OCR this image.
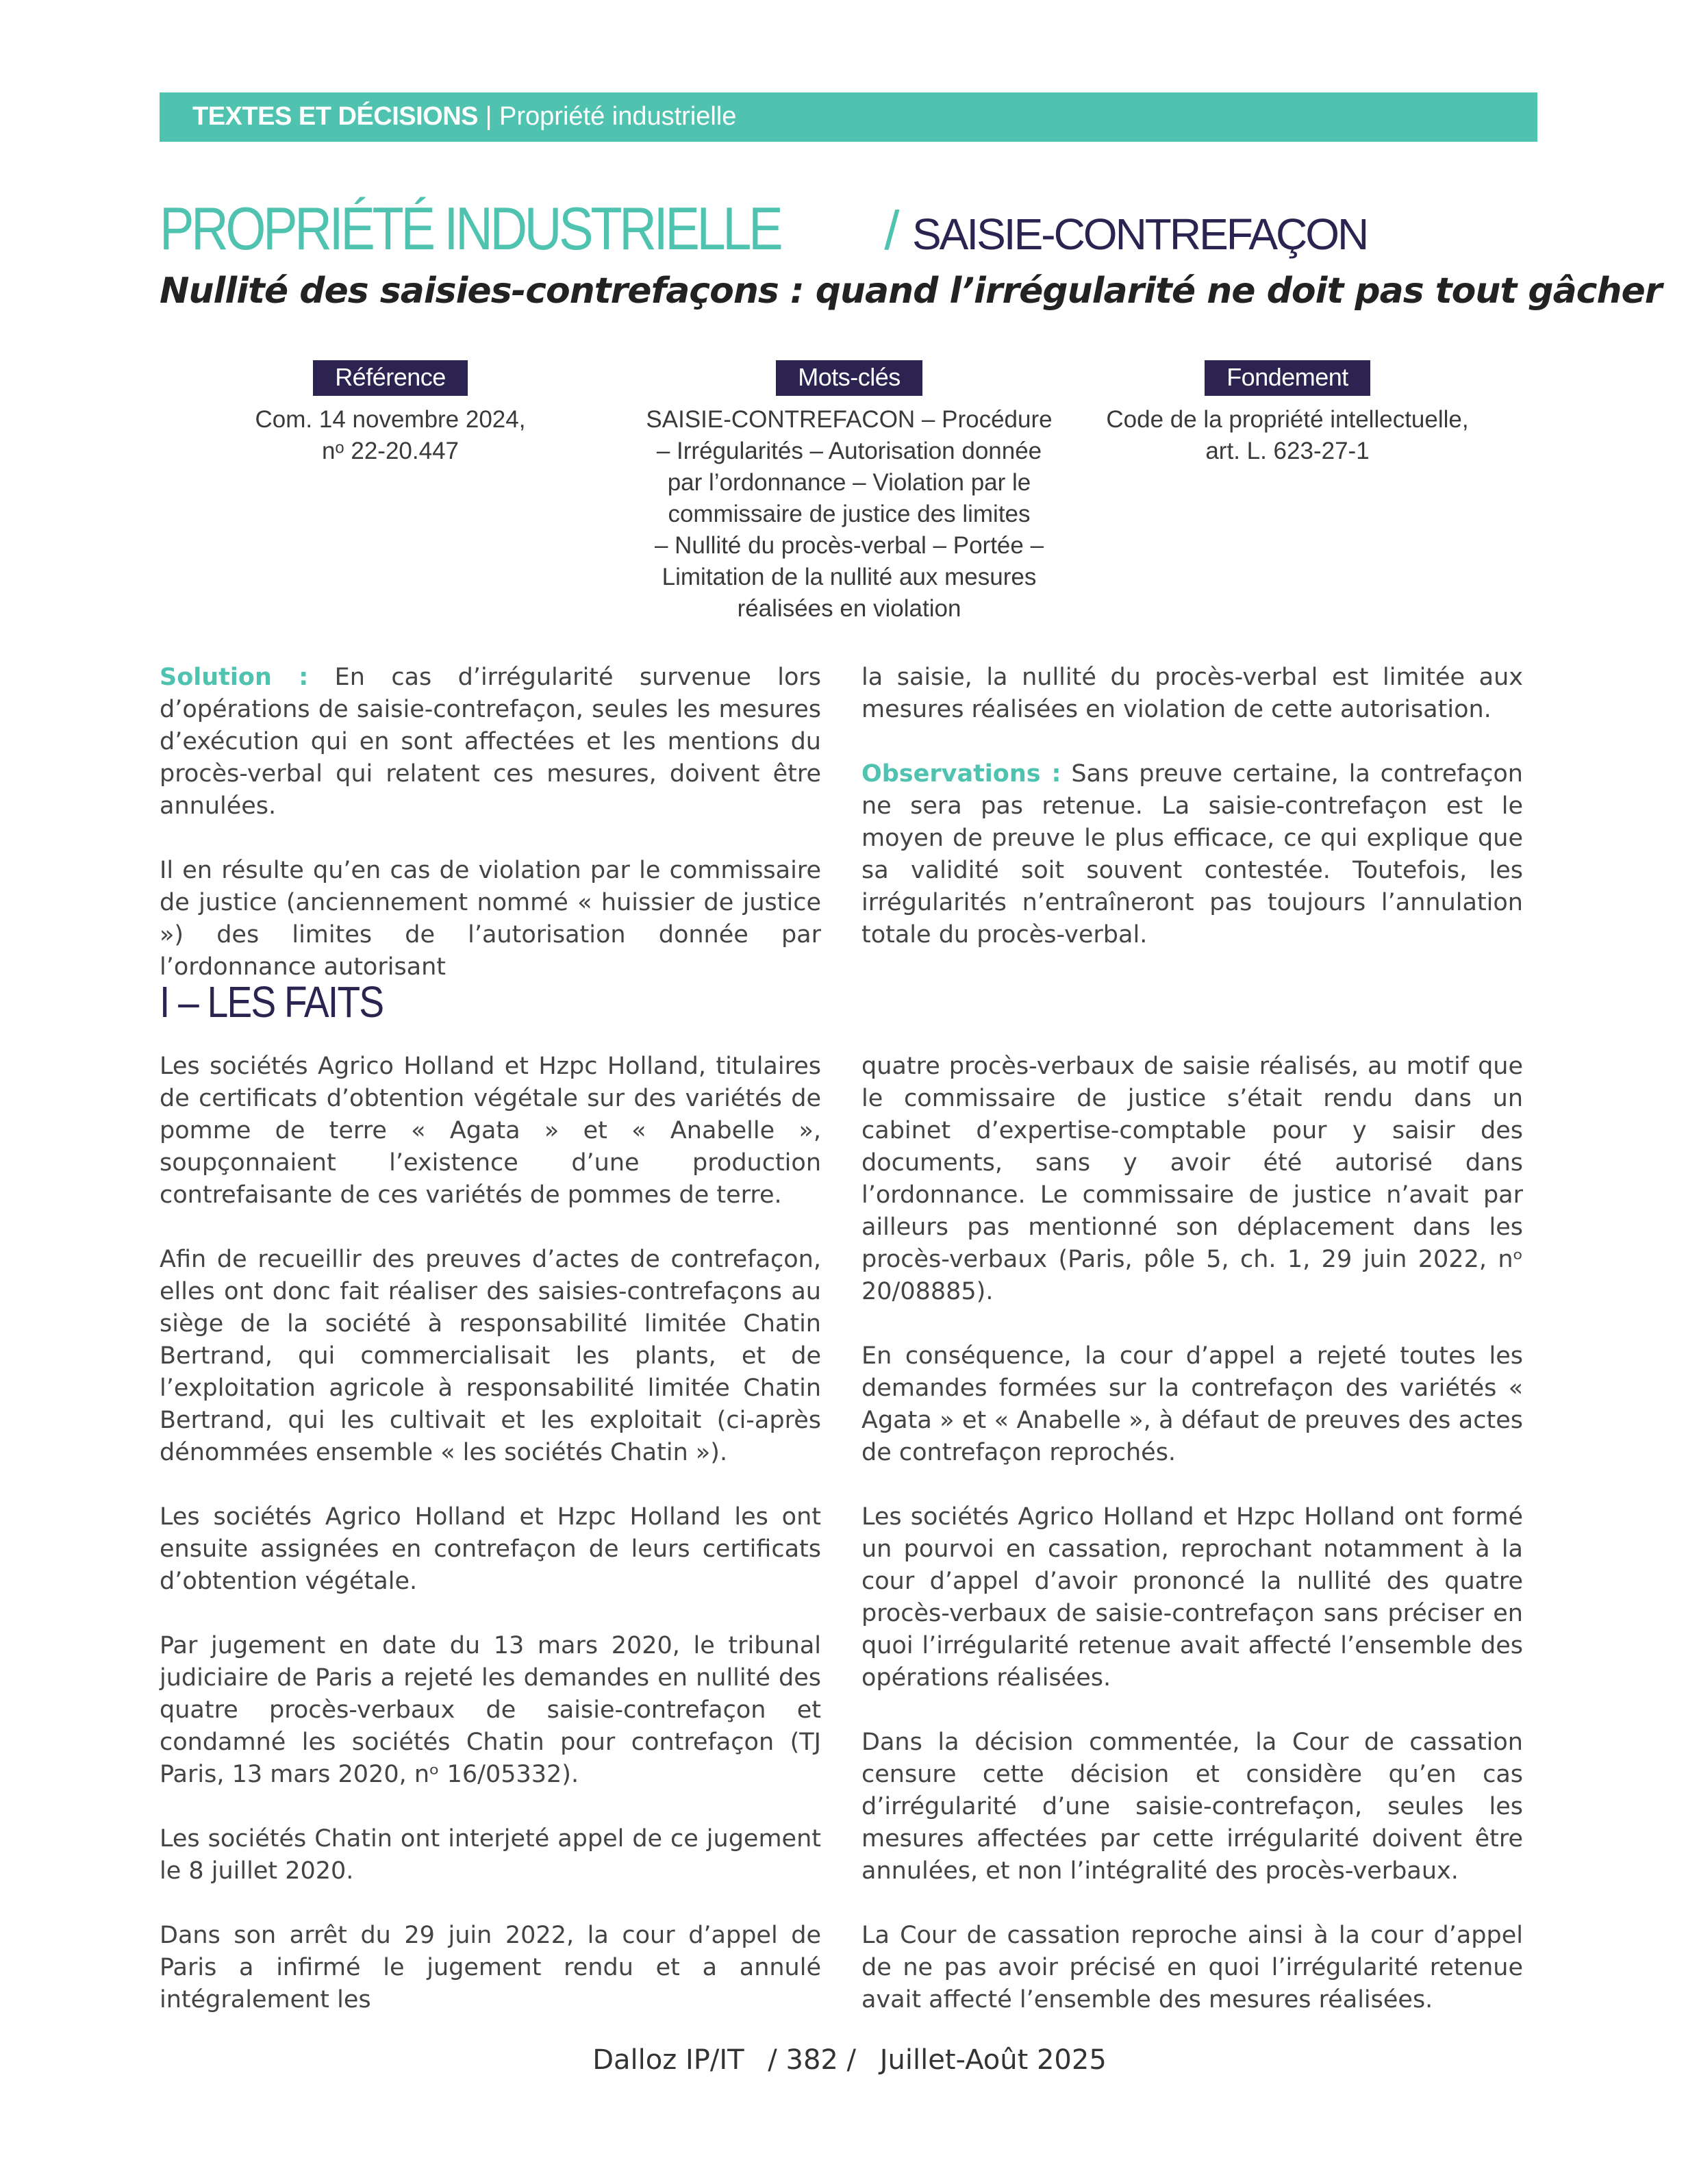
TEXTES ET DÉCISIONS | Propriété industrielle
PROPRIÉTÉ INDUSTRIELLE / SAISIE-CONTREFAÇON
Nullité des saisies-contrefaçons : quand l’irrégularité ne doit pas tout gâcher
Référence
Com. 14 novembre 2024,
nᵒ 22-20.447
Mots-clés
SAISIE-CONTREFACON – Procédure
– Irrégularités – Autorisation donnée
par l’ordonnance – Violation par le
commissaire de justice des limites
– Nullité du procès-verbal – Portée –
Limitation de la nullité aux mesures
réalisées en violation
Fondement
Code de la propriété intellectuelle,
art. L. 623-27-1

Solution : En cas d’irrégularité survenue lors d’opérations de saisie-contrefaçon, seules les mesures d’exécution qui en sont affectées et les mentions du procès-verbal qui relatent ces mesures, doivent être annulées.

Il en résulte qu’en cas de violation par le commissaire de justice (anciennement nommé « huissier de justice ») des limites de l’autorisation donnée par l’ordonnance autorisant

la saisie, la nullité du procès-verbal est limitée aux mesures réalisées en violation de cette autorisation.

Observations : Sans preuve certaine, la contrefaçon ne sera pas retenue. La saisie-contrefaçon est le moyen de preuve le plus efficace, ce qui explique que sa validité soit souvent contestée. Toutefois, les irrégularités n’entraîneront pas toujours l’annulation totale du procès-verbal.

I – LES FAITS

Les sociétés Agrico Holland et Hzpc Holland, titulaires de certificats d’obtention végétale sur des variétés de pomme de terre « Agata » et « Anabelle », soupçonnaient l’existence d’une production contrefaisante de ces variétés de pommes de terre.

Afin de recueillir des preuves d’actes de contrefaçon, elles ont donc fait réaliser des saisies-contrefaçons au siège de la société à responsabilité limitée Chatin Bertrand, qui commercialisait les plants, et de l’exploitation agricole à responsabilité limitée Chatin Bertrand, qui les cultivait et les exploitait (ci-après dénommées ensemble « les sociétés Chatin »).

Les sociétés Agrico Holland et Hzpc Holland les ont ensuite assignées en contrefaçon de leurs certificats d’obtention végétale.

Par jugement en date du 13 mars 2020, le tribunal judiciaire de Paris a rejeté les demandes en nullité des quatre procès-verbaux de saisie-contrefaçon et condamné les sociétés Chatin pour contrefaçon (TJ Paris, 13 mars 2020, nᵒ 16/05332).

Les sociétés Chatin ont interjeté appel de ce jugement le 8 juillet 2020.

Dans son arrêt du 29 juin 2022, la cour d’appel de Paris a infirmé le jugement rendu et a annulé intégralement les

quatre procès-verbaux de saisie réalisés, au motif que le commissaire de justice s’était rendu dans un cabinet d’expertise-comptable pour y saisir des documents, sans y avoir été autorisé dans l’ordonnance. Le commissaire de justice n’avait par ailleurs pas mentionné son déplacement dans les procès-verbaux (Paris, pôle 5, ch. 1, 29 juin 2022, nᵒ 20/08885).

En conséquence, la cour d’appel a rejeté toutes les demandes formées sur la contrefaçon des variétés « Agata » et « Anabelle », à défaut de preuves des actes de contrefaçon reprochés.

Les sociétés Agrico Holland et Hzpc Holland ont formé un pourvoi en cassation, reprochant notamment à la cour d’appel d’avoir prononcé la nullité des quatre procès-verbaux de saisie-contrefaçon sans préciser en quoi l’irrégularité retenue avait affecté l’ensemble des opérations réalisées.

Dans la décision commentée, la Cour de cassation censure cette décision et considère qu’en cas d’irrégularité d’une saisie-contrefaçon, seules les mesures affectées par cette irrégularité doivent être annulées, et non l’intégralité des procès-verbaux.

La Cour de cassation reproche ainsi à la cour d’appel de ne pas avoir précisé en quoi l’irrégularité retenue avait affecté l’ensemble des mesures réalisées.

Dalloz IP/IT / 382 / Juillet-Août 2025
